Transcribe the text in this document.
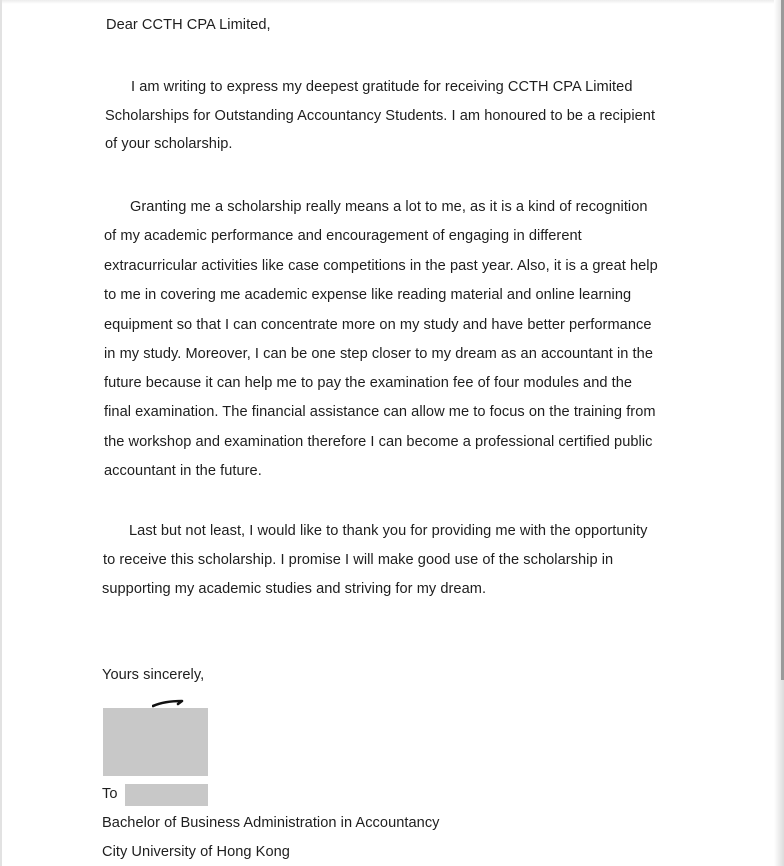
Dear CCTH CPA Limited,
I am writing to express my deepest gratitude for receiving CCTH CPA Limited
Scholarships for Outstanding Accountancy Students. I am honoured to be a recipient
of your scholarship.
Granting me a scholarship really means a lot to me, as it is a kind of recognition
of my academic performance and encouragement of engaging in different
extracurricular activities like case competitions in the past year. Also, it is a great help
to me in covering me academic expense like reading material and online learning
equipment so that I can concentrate more on my study and have better performance
in my study. Moreover, I can be one step closer to my dream as an accountant in the
future because it can help me to pay the examination fee of four modules and the
final examination. The financial assistance can allow me to focus on the training from
the workshop and examination therefore I can become a professional certified public
accountant in the future.
Last but not least, I would like to thank you for providing me with the opportunity
to receive this scholarship. I promise I will make good use of the scholarship in
supporting my academic studies and striving for my dream.
Yours sincerely,
To
Bachelor of Business Administration in Accountancy
City University of Hong Kong
